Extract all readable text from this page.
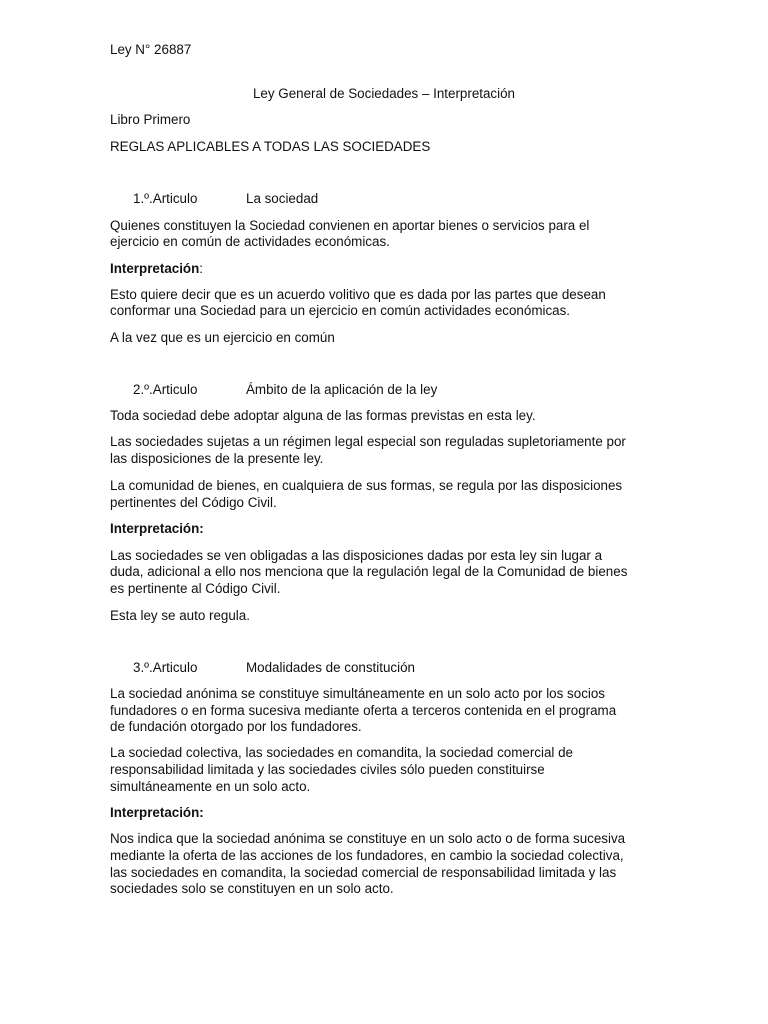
Ley N° 26887
Ley General de Sociedades – Interpretación
Libro Primero
REGLAS APLICABLES A TODAS LAS SOCIEDADES
1.º.Articulo	La sociedad
Quienes constituyen la Sociedad convienen en aportar bienes o servicios para el
ejercicio en común de actividades económicas.
Interpretación:
Esto quiere decir que es un acuerdo volitivo que es dada por las partes que desean
conformar una Sociedad para un ejercicio en común actividades económicas.
A la vez que es un ejercicio en común
2.º.Articulo	Ámbito de la aplicación de la ley
Toda sociedad debe adoptar alguna de las formas previstas en esta ley.
Las sociedades sujetas a un régimen legal especial son reguladas supletoriamente por
las disposiciones de la presente ley.
La comunidad de bienes, en cualquiera de sus formas, se regula por las disposiciones
pertinentes del Código Civil.
Interpretación:
Las sociedades se ven obligadas a las disposiciones dadas por esta ley sin lugar a
duda, adicional a ello nos menciona que la regulación legal de la Comunidad de bienes
es pertinente al Código Civil.
Esta ley se auto regula.
3.º.Articulo	Modalidades de constitución
La sociedad anónima se constituye simultáneamente en un solo acto por los socios
fundadores o en forma sucesiva mediante oferta a terceros contenida en el programa
de fundación otorgado por los fundadores.
La sociedad colectiva, las sociedades en comandita, la sociedad comercial de
responsabilidad limitada y las sociedades civiles sólo pueden constituirse
simultáneamente en un solo acto.
Interpretación:
Nos indica que la sociedad anónima se constituye en un solo acto o de forma sucesiva
mediante la oferta de las acciones de los fundadores, en cambio la sociedad colectiva,
las sociedades en comandita, la sociedad comercial de responsabilidad limitada y las
sociedades solo se constituyen en un solo acto.
